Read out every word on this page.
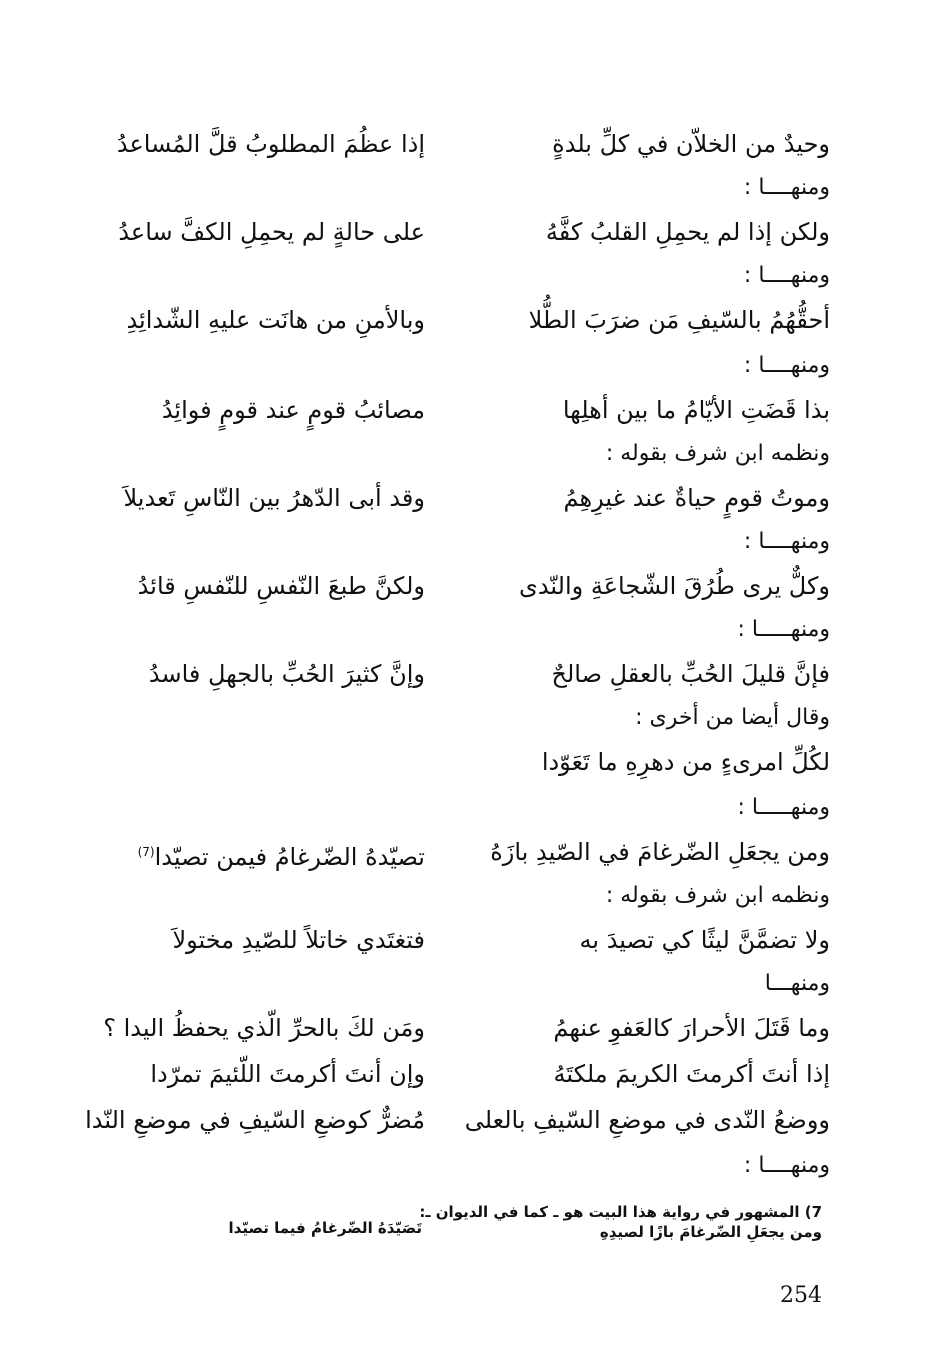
وحيدٌ من الخلاّن في كلِّ بلدةٍ
إذا عظُمَ المطلوبُ قلَّ المُساعدُ
ومنهــــا :
ولكن إذا لم يحمِلِ القلبُ كفَّهُ
على حالةٍ لم يحمِلِ الكفَّ ساعدُ
ومنهــــا :
أحقُّهُمُ بالسّيفِ مَن ضرَبَ الطُّلا
وبالأمنِ من هانَت عليهِ الشّدائِدِ
ومنهــــا :
بذا قَضَتِ الأيّامُ ما بين أهلِها
مصائبُ قومٍ عند قومٍ فوائِدُ
ونظمه ابن شرف بقوله :
وموتُ قومٍ حياةٌ عند غيرِهِمُ
وقد أبى الدّهرُ بين النّاسِ تَعديلاَ
ومنهــــا :
وكلٌّ يرى طُرُقَ الشّجاعَةِ والنّدى
ولكنَّ طبعَ النّفسِ للنّفسِ قائدُ
ومنهـــــا :
فإنَّ قليلَ الحُبِّ بالعقلِ صالحٌ
وإنَّ كثيرَ الحُبِّ بالجهلِ فاسدُ
وقال أيضا من أخرى :
لكُلِّ امرىءٍ من دهرِهِ ما تَعَوّدا
ومنهـــــا :
ومن يجعَلِ الضّرغامَ في الصّيدِ بازَهُ
تصيّدهُ الضّرغامُ فيمن تصيّدا$^{(7)}$
ونظمه ابن شرف بقوله :
ولا تضمَّنَّ ليثًا كي تصيدَ به
فتغتَدي خاتلاً للصّيدِ مختولاَ
ومنهـــا
وما قَتَلَ الأحرارَ كالعَفوِ عنهمُ
ومَن لكَ بالحرِّ الّذي يحفظُ اليدا ؟
إذا أنتَ أكرمتَ الكريمَ ملكتَهُ
وإن أنتَ أكرمتَ اللّئيمَ تمرّدا
ووضعُ النّدى في موضعِ السّيفِ بالعلى
مُضرٌّ كوضعِ السّيفِ في موضعِ النّدا
ومنهــــا :
7) المشهور في رواية هذا البيت هو ـ كما في الديوان ـ:
ومن يجعَلِ الضّرغامَ بازًا لصيدِهِ
تَصَيّدَهُ الضّرغامُ فيما تصيّدا
254
